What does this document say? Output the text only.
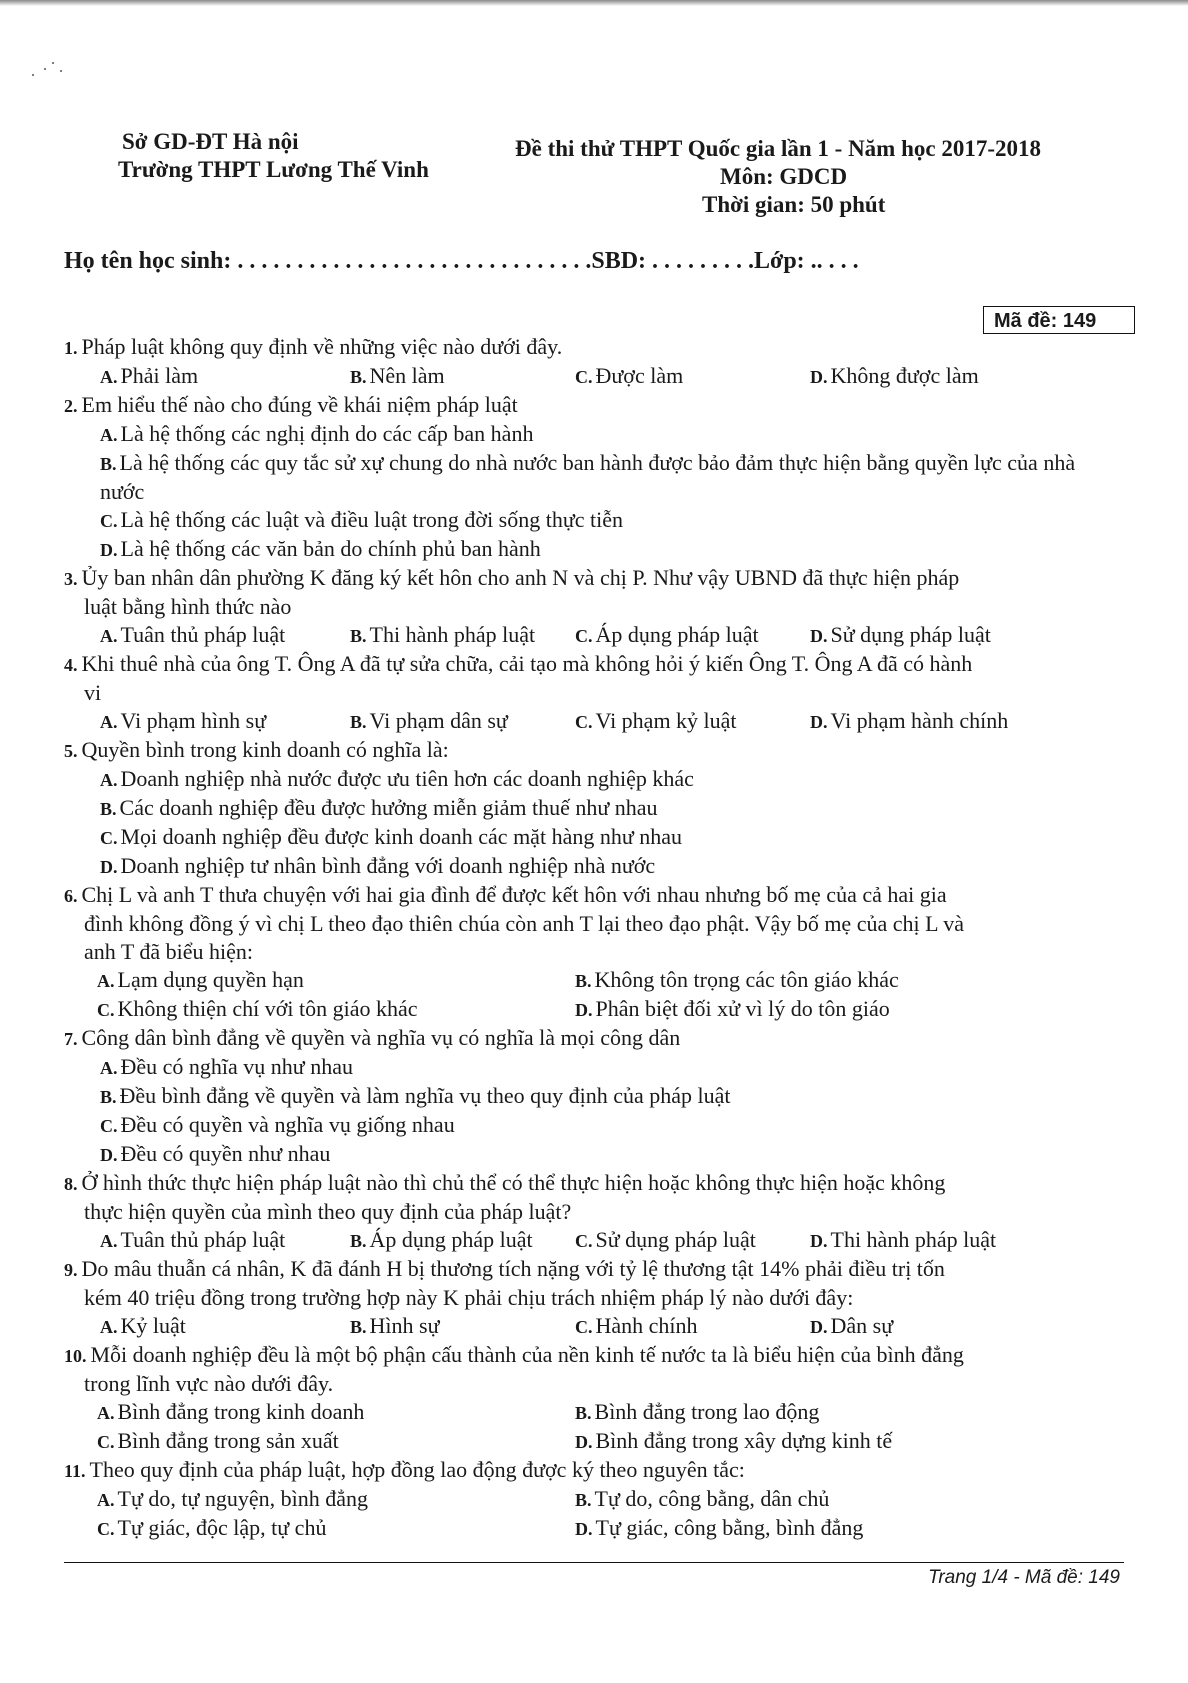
Sở GD-ĐT Hà nội
Trường THPT Lương Thế Vinh
Đề thi thử THPT Quốc gia lần 1 - Năm học 2017-2018
Môn: GDCD
Thời gian: 50 phút
Họ tên học sinh: . . . . . . . . . . . . . . . . . . . . . . . . . . . . . .SBD: . . . . . . . . .Lớp: .. . . .
Mã đề: 149
1. Pháp luật không quy định về những việc nào dưới đây.
A. Phải làm	B. Nên làm	C. Được làm	D. Không được làm
2. Em hiểu thế nào cho đúng về khái niệm pháp luật
A. Là hệ thống các nghị định do các cấp ban hành
B. Là hệ thống các quy tắc sử xự chung do nhà nước ban hành được bảo đảm thực hiện bằng quyền lực của nhà nước
C. Là hệ thống các luật và điều luật trong đời sống thực tiễn
D. Là hệ thống các văn bản do chính phủ ban hành
3. Ủy ban nhân dân phường K đăng ký kết hôn cho anh N và chị P. Như vậy UBND đã thực hiện pháp
luật bằng hình thức nào
A. Tuân thủ pháp luật	B. Thi hành pháp luật	C. Áp dụng pháp luật	D. Sử dụng pháp luật
4. Khi thuê nhà của ông T. Ông A đã tự sửa chữa, cải tạo mà không hỏi ý kiến Ông T. Ông A đã có hành
vi
A. Vi phạm hình sự	B. Vi phạm dân sự	C. Vi phạm kỷ luật	D. Vi phạm hành chính
5. Quyền bình trong kinh doanh có nghĩa là:
A. Doanh nghiệp nhà nước được ưu tiên hơn các doanh nghiệp khác
B. Các doanh nghiệp đều được hưởng miễn giảm thuế như nhau
C. Mọi doanh nghiệp đều được kinh doanh các mặt hàng như nhau
D. Doanh nghiệp tư nhân bình đẳng với doanh nghiệp nhà nước
6. Chị L và anh T thưa chuyện với hai gia đình để được kết hôn với nhau nhưng bố mẹ của cả hai gia
đình không đồng ý vì chị L theo đạo thiên chúa còn anh T lại theo đạo phật. Vậy bố mẹ của chị L và
anh T đã biểu hiện:
A. Lạm dụng quyền hạn	B. Không tôn trọng các tôn giáo khác
C. Không thiện chí với tôn giáo khác	D. Phân biệt đối xử vì lý do tôn giáo
7. Công dân bình đẳng về quyền và nghĩa vụ có nghĩa là mọi công dân
A. Đều có nghĩa vụ như nhau
B. Đều bình đẳng về quyền và làm nghĩa vụ theo quy định của pháp luật
C. Đều có quyền và nghĩa vụ giống nhau
D. Đều có quyền như nhau
8. Ở hình thức thực hiện pháp luật nào thì chủ thể có thể thực hiện hoặc không thực hiện hoặc không
thực hiện quyền của mình theo quy định của pháp luật?
A. Tuân thủ pháp luật	B. Áp dụng pháp luật	C. Sử dụng pháp luật	D. Thi hành pháp luật
9. Do mâu thuẫn cá nhân, K đã đánh H bị thương tích nặng với tỷ lệ thương tật 14% phải điều trị tốn
kém 40 triệu đồng trong trường hợp này K phải chịu trách nhiệm pháp lý nào dưới đây:
A. Kỷ luật	B. Hình sự	C. Hành chính	D. Dân sự
10. Mỗi doanh nghiệp đều là một bộ phận cấu thành của nền kinh tế nước ta là biểu hiện của bình đẳng
trong lĩnh vực nào dưới đây.
A. Bình đẳng trong kinh doanh	B. Bình đẳng trong lao động
C. Bình đẳng trong sản xuất	D. Bình đẳng trong xây dựng kinh tế
11. Theo quy định của pháp luật, hợp đồng lao động được ký theo nguyên tắc:
A. Tự do, tự nguyện, bình đẳng	B. Tự do, công bằng, dân chủ
C. Tự giác, độc lập, tự chủ	D. Tự giác, công bằng, bình đẳng
Trang 1/4 - Mã đề: 149
